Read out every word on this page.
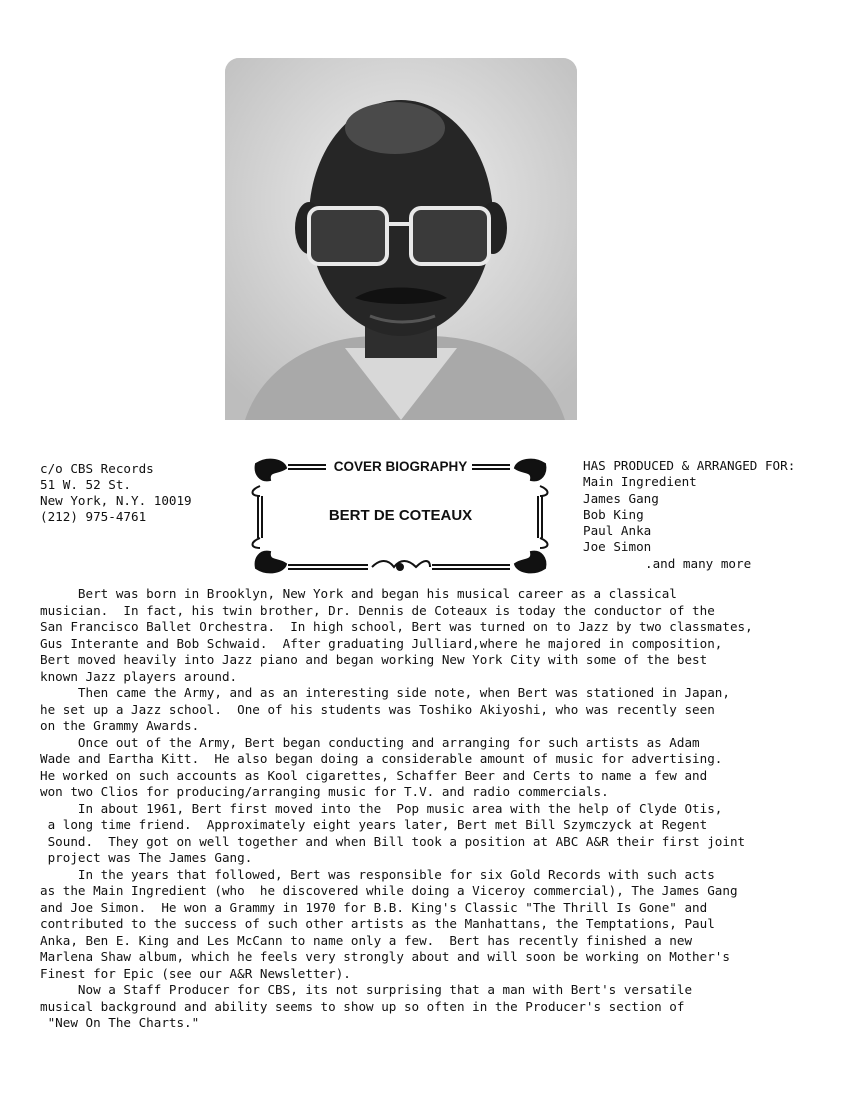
c/o CBS Records
51 W. 52 St.
New York, N.Y. 10019
(212) 975-4761
COVER BIOGRAPHY
BERT DE COTEAUX
HAS PRODUCED & ARRANGED FOR:
Main Ingredient
James Gang
Bob King
Paul Anka
Joe Simon
.and many more
Bert was born in Brooklyn, New York and began his musical career as a classical
musician.  In fact, his twin brother, Dr. Dennis de Coteaux is today the conductor of the
San Francisco Ballet Orchestra.  In high school, Bert was turned on to Jazz by two classmates,
Gus Interante and Bob Schwaid.  After graduating Julliard,where he majored in composition,
Bert moved heavily into Jazz piano and began working New York City with some of the best
known Jazz players around.
Then came the Army, and as an interesting side note, when Bert was stationed in Japan,
he set up a Jazz school.  One of his students was Toshiko Akiyoshi, who was recently seen
on the Grammy Awards.
Once out of the Army, Bert began conducting and arranging for such artists as Adam
Wade and Eartha Kitt.  He also began doing a considerable amount of music for advertising.
He worked on such accounts as Kool cigarettes, Schaffer Beer and Certs to name a few and
won two Clios for producing/arranging music for T.V. and radio commercials.
In about 1961, Bert first moved into the  Pop music area with the help of Clyde Otis,
a long time friend.  Approximately eight years later, Bert met Bill Szymczyck at Regent
Sound.  They got on well together and when Bill took a position at ABC A&R their first joint
project was The James Gang.
In the years that followed, Bert was responsible for six Gold Records with such acts
as the Main Ingredient (who  he discovered while doing a Viceroy commercial), The James Gang
and Joe Simon.  He won a Grammy in 1970 for B.B. King's Classic "The Thrill Is Gone" and
contributed to the success of such other artists as the Manhattans, the Temptations, Paul
Anka, Ben E. King and Les McCann to name only a few.  Bert has recently finished a new
Marlena Shaw album, which he feels very strongly about and will soon be working on Mother's
Finest for Epic (see our A&R Newsletter).
Now a Staff Producer for CBS, its not surprising that a man with Bert's versatile
musical background and ability seems to show up so often in the Producer's section of
"New On The Charts."
